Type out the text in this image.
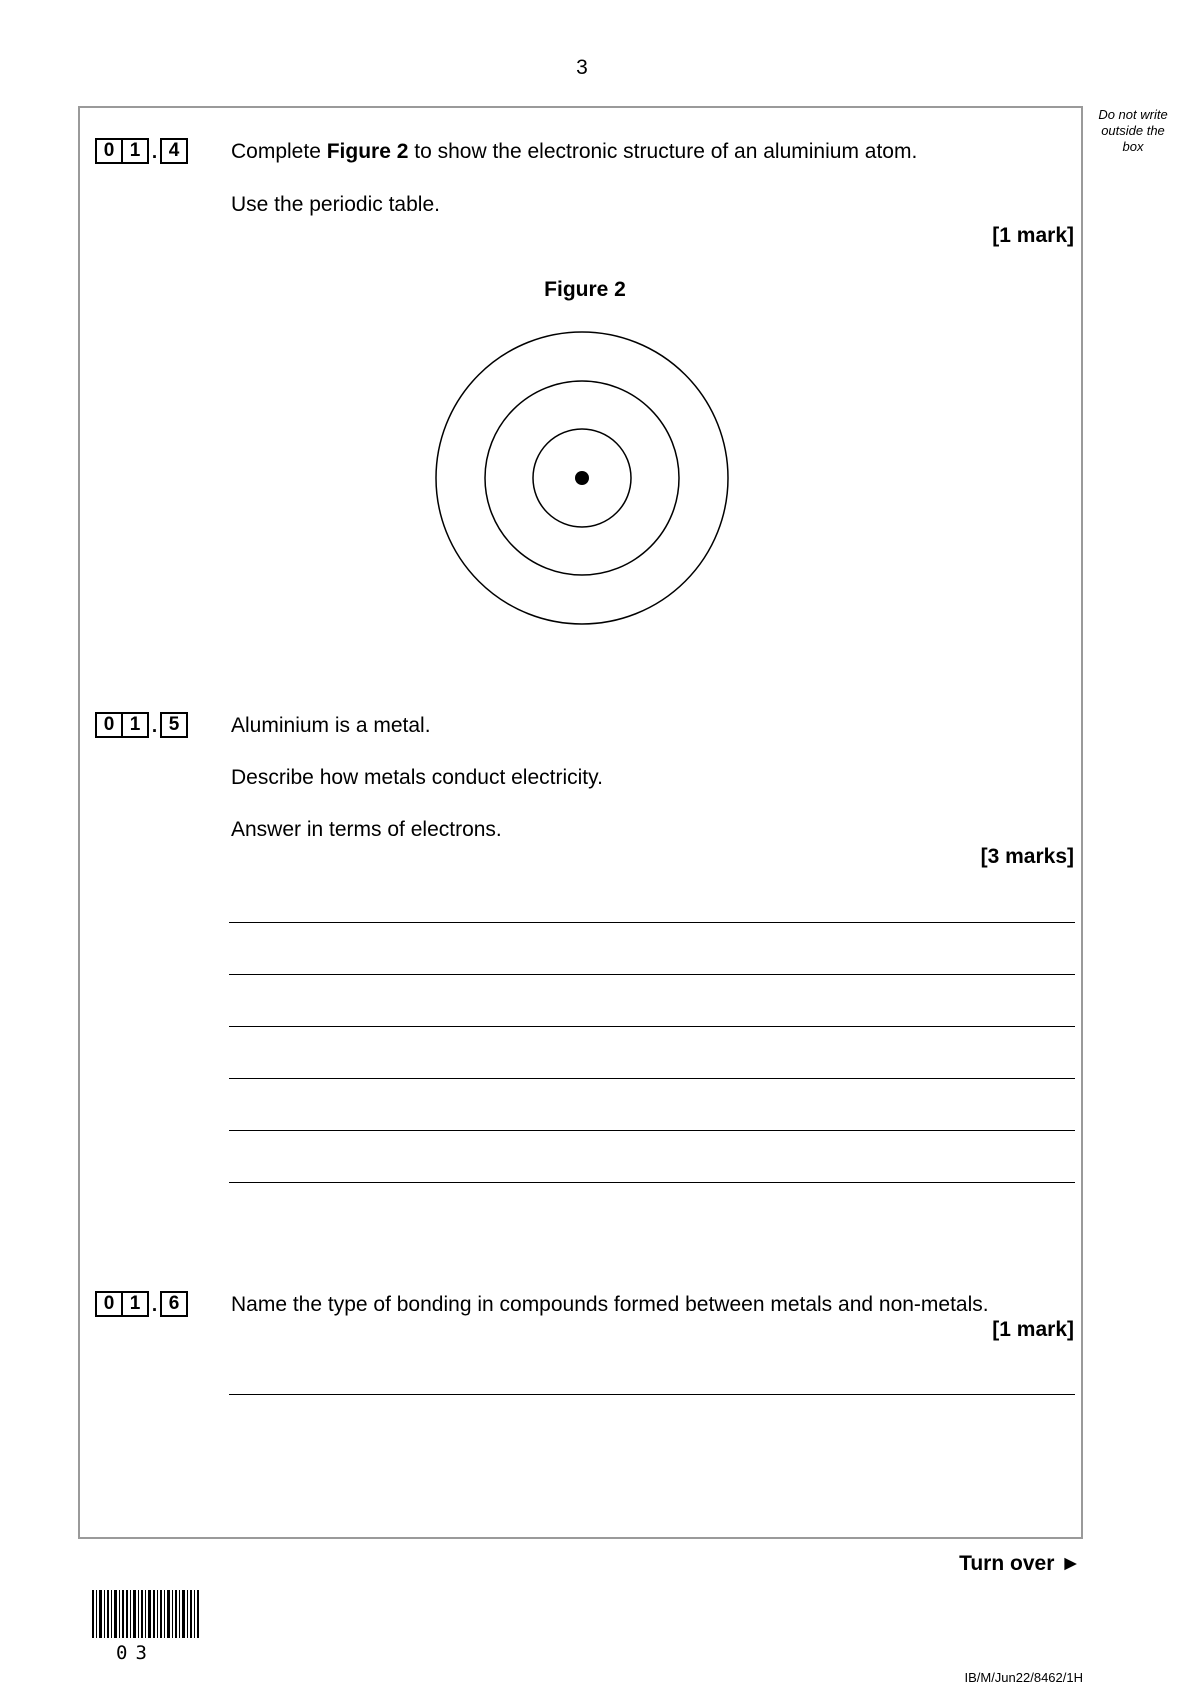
3
Do not write outside the box
0 1 . 4	Complete Figure 2 to show the electronic structure of an aluminium atom.
Use the periodic table.
[1 mark]
Figure 2
0 1 . 5	Aluminium is a metal.
Describe how metals conduct electricity.
Answer in terms of electrons.
[3 marks]
0 1 . 6	Name the type of bonding in compounds formed between metals and non-metals.
[1 mark]
Turn over ►
03
IB/M/Jun22/8462/1H
